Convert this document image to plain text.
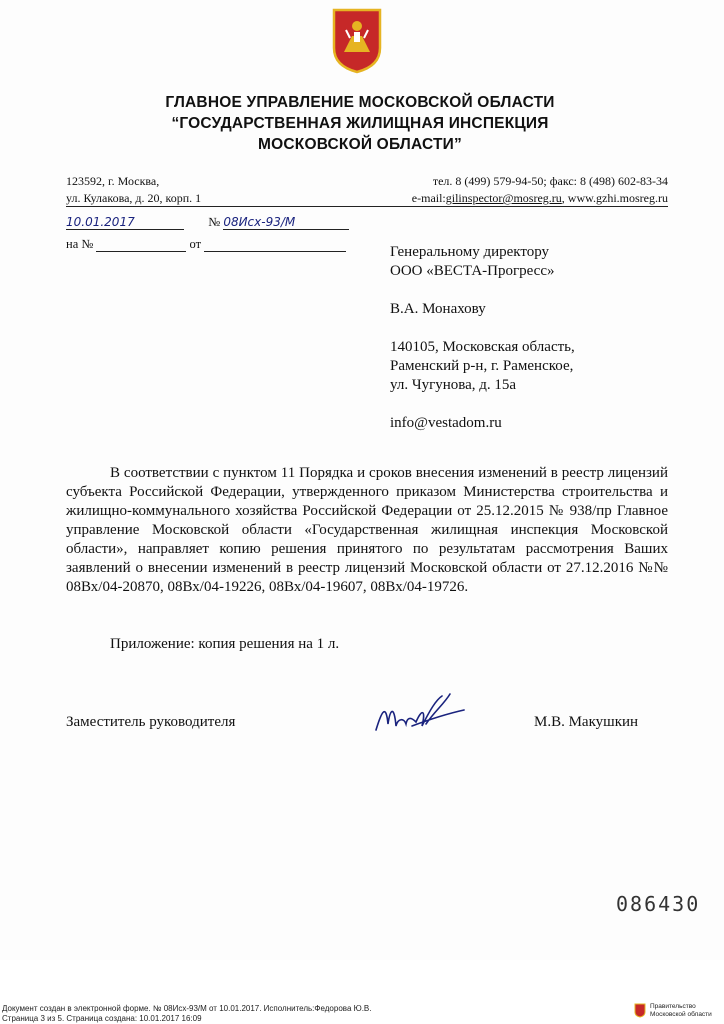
ГЛАВНОЕ УПРАВЛЕНИЕ МОСКОВСКОЙ ОБЛАСТИ
“ГОСУДАРСТВЕННАЯ ЖИЛИЩНАЯ ИНСПЕКЦИЯ
МОСКОВСКОЙ ОБЛАСТИ”
123592, г. Москва,
ул. Кулакова, д. 20, корп. 1
тел. 8 (499) 579-94-50; факс: 8 (498) 602-83-34
e-mail:gilinspector@mosreg.ru, www.gzhi.mosreg.ru
10.01.2017	№ 08Исх-93/М
на №	от	Генеральному директору

ООО «ВЕСТА-Прогресс»

В.А. Монахову

140105, Московская область,

Раменский р-н, г. Раменское,

ул. Чугунова, д. 15а

info@vestadom.ru

В соответствии с пунктом 11 Порядка и сроков внесения изменений в реестр лицензий субъекта Российской Федерации, утвержденного приказом Министерства строительства и жилищно-коммунального хозяйства Российской Федерации от 25.12.2015 № 938/пр Главное управление Московской области «Государственная жилищная инспекция Московской области», направляет копию решения принятого по результатам рассмотрения Ваших заявлений о внесении изменений в реестр лицензий Московской области от 27.12.2016 №№ 08Вх/04-20870, 08Вх/04-19226, 08Вх/04-19607, 08Вх/04-19726.

Приложение: копия решения на 1 л.
Заместитель руководителя	М.В. Макушкин
086430
Документ создан в электронной форме. № 08Исх-93/М от 10.01.2017. Исполнитель:Федорова Ю.В.
Страница 3 из 5. Страница создана: 10.01.2017 16:09
Правительство
Московской области
